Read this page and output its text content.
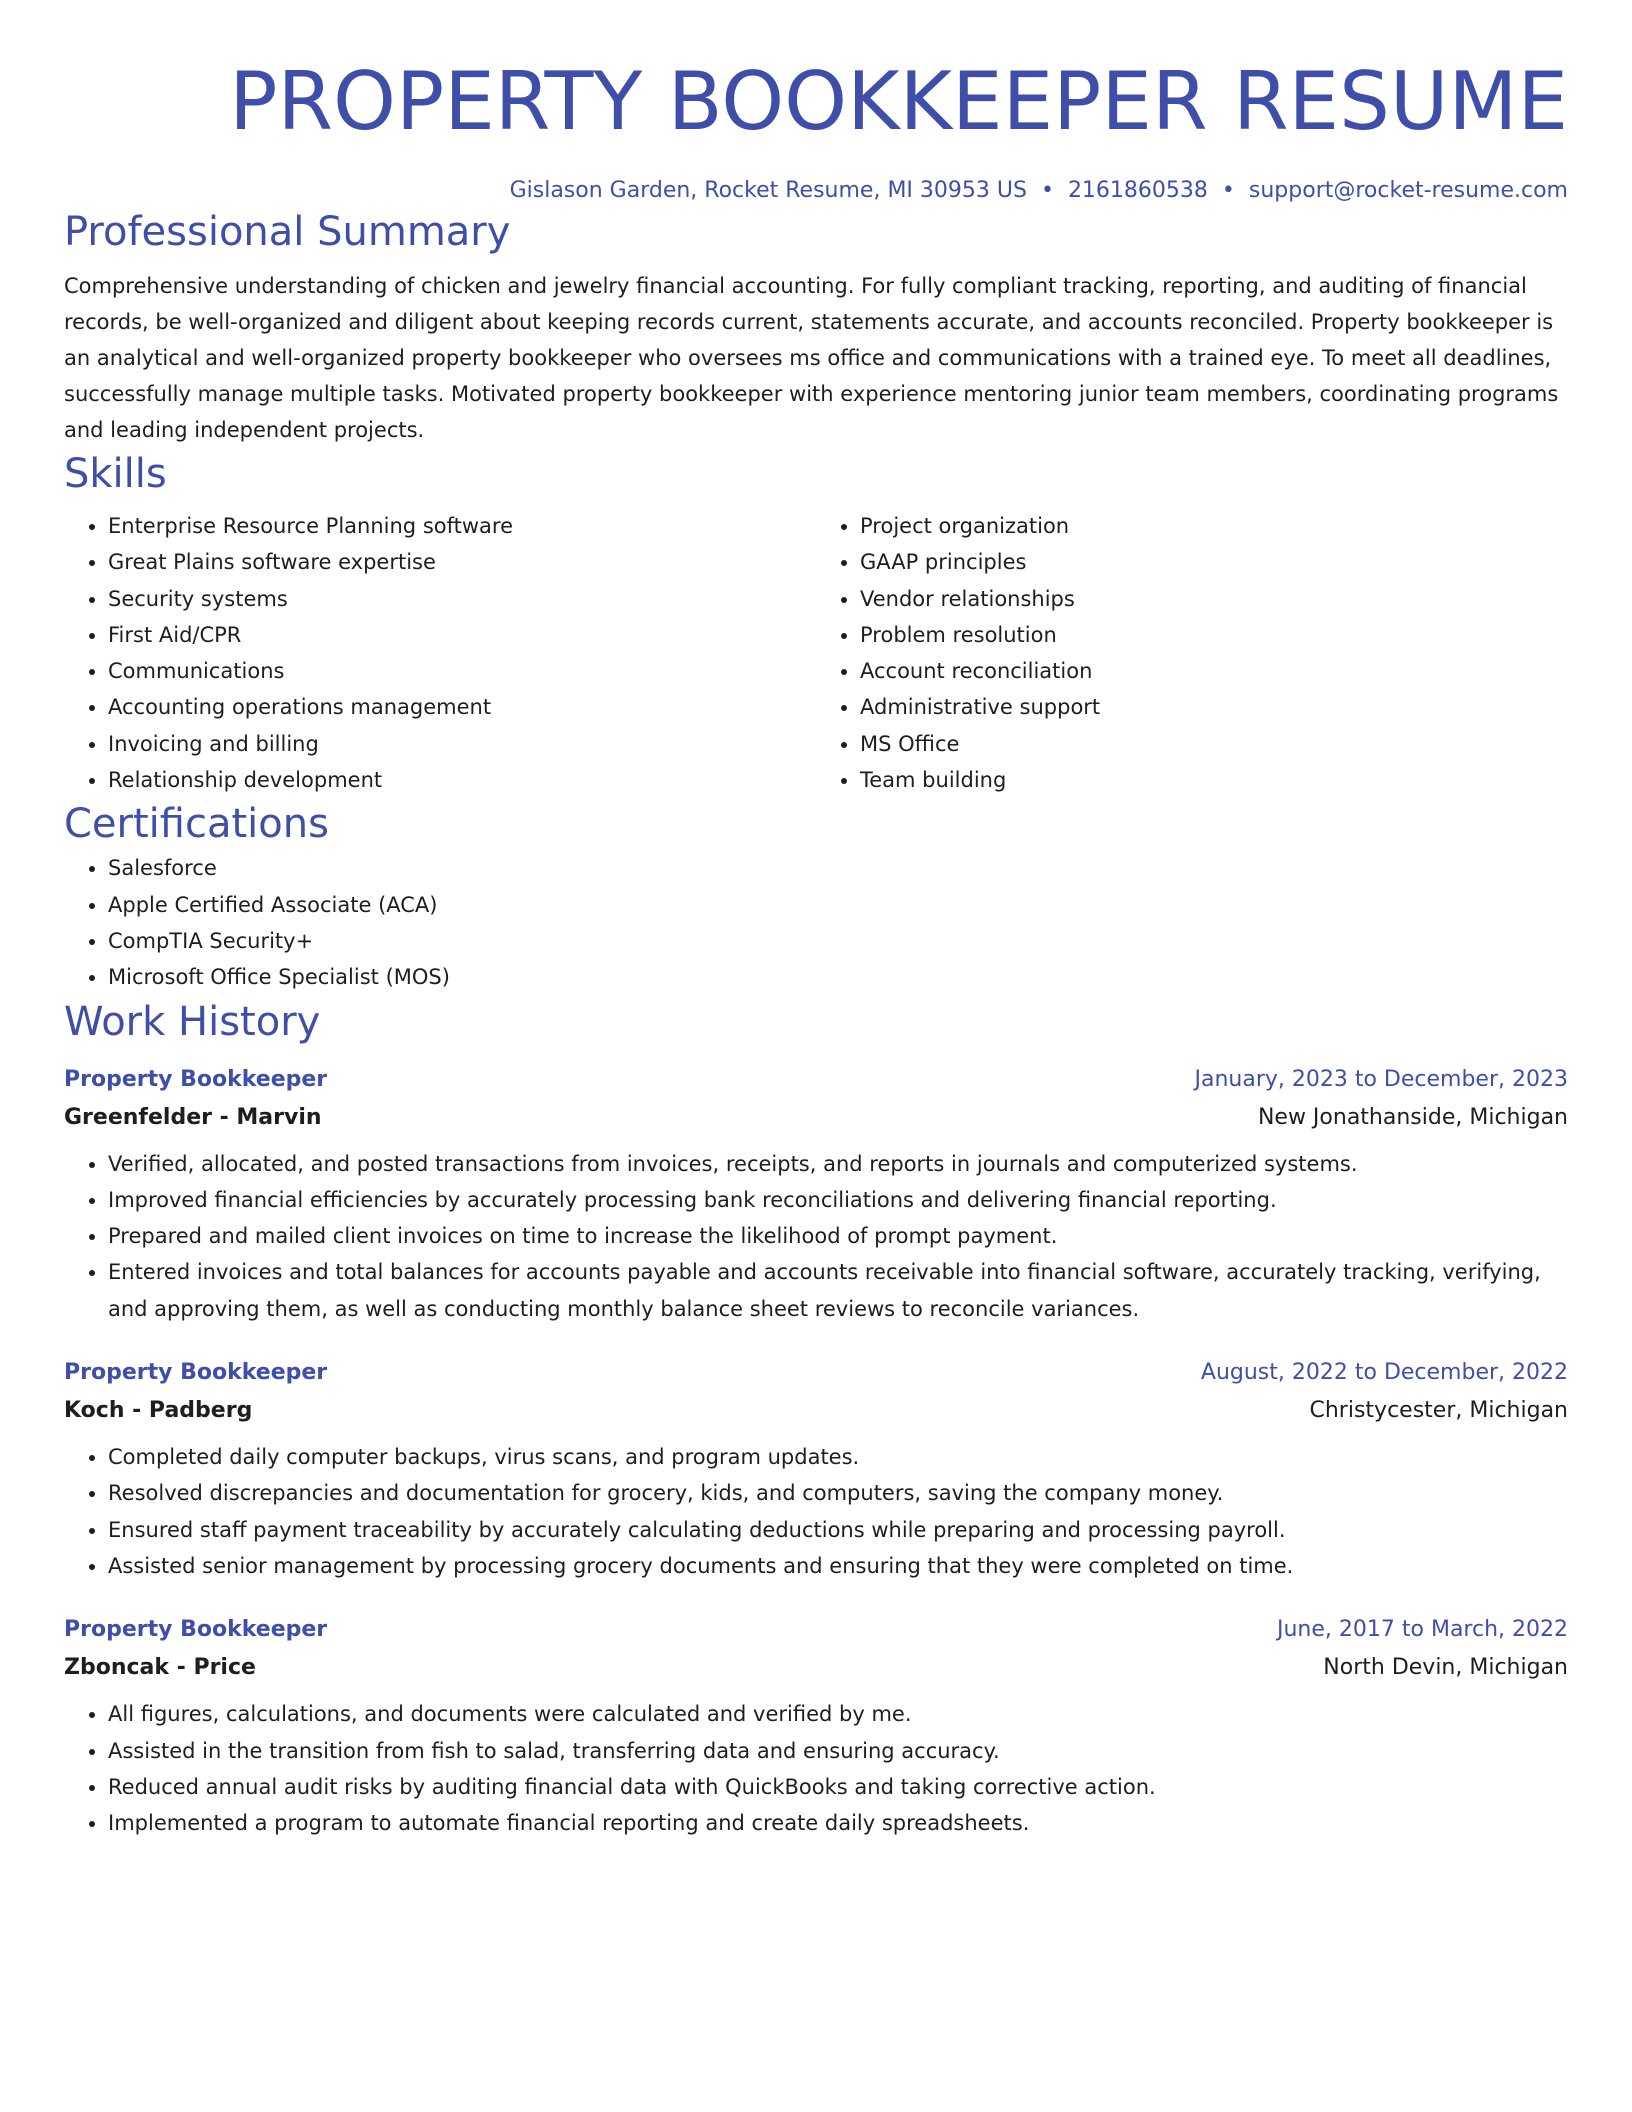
PROPERTY BOOKKEEPER RESUME
Gislason Garden, Rocket Resume, MI 30953 US • 2161860538 • support@rocket-resume.com
Professional Summary

Comprehensive understanding of chicken and jewelry financial accounting. For fully compliant tracking, reporting, and auditing of financial records, be well-organized and diligent about keeping records current, statements accurate, and accounts reconciled. Property bookkeeper is an analytical and well-organized property bookkeeper who oversees ms office and communications with a trained eye. To meet all deadlines, successfully manage multiple tasks. Motivated property bookkeeper with experience mentoring junior team members, coordinating programs and leading independent projects.

Skills
• Enterprise Resource Planning software
• Great Plains software expertise
• Security systems
• First Aid/CPR
• Communications
• Accounting operations management
• Invoicing and billing
• Relationship development
• Project organization
• GAAP principles
• Vendor relationships
• Problem resolution
• Account reconciliation
• Administrative support
• MS Office
• Team building
Certifications
• Salesforce
• Apple Certified Associate (ACA)
• CompTIA Security+
• Microsoft Office Specialist (MOS)
Work History
Property Bookkeeper	January, 2023 to December, 2023
Greenfelder - Marvin	New Jonathanside, Michigan
• Verified, allocated, and posted transactions from invoices, receipts, and reports in journals and computerized systems.
• Improved financial efficiencies by accurately processing bank reconciliations and delivering financial reporting.
• Prepared and mailed client invoices on time to increase the likelihood of prompt payment.
• Entered invoices and total balances for accounts payable and accounts receivable into financial software, accurately tracking, verifying, and approving them, as well as conducting monthly balance sheet reviews to reconcile variances.
Property Bookkeeper	August, 2022 to December, 2022
Koch - Padberg	Christycester, Michigan
• Completed daily computer backups, virus scans, and program updates.
• Resolved discrepancies and documentation for grocery, kids, and computers, saving the company money.
• Ensured staff payment traceability by accurately calculating deductions while preparing and processing payroll.
• Assisted senior management by processing grocery documents and ensuring that they were completed on time.
Property Bookkeeper	June, 2017 to March, 2022
Zboncak - Price	North Devin, Michigan
• All figures, calculations, and documents were calculated and verified by me.
• Assisted in the transition from fish to salad, transferring data and ensuring accuracy.
• Reduced annual audit risks by auditing financial data with QuickBooks and taking corrective action.
• Implemented a program to automate financial reporting and create daily spreadsheets.
